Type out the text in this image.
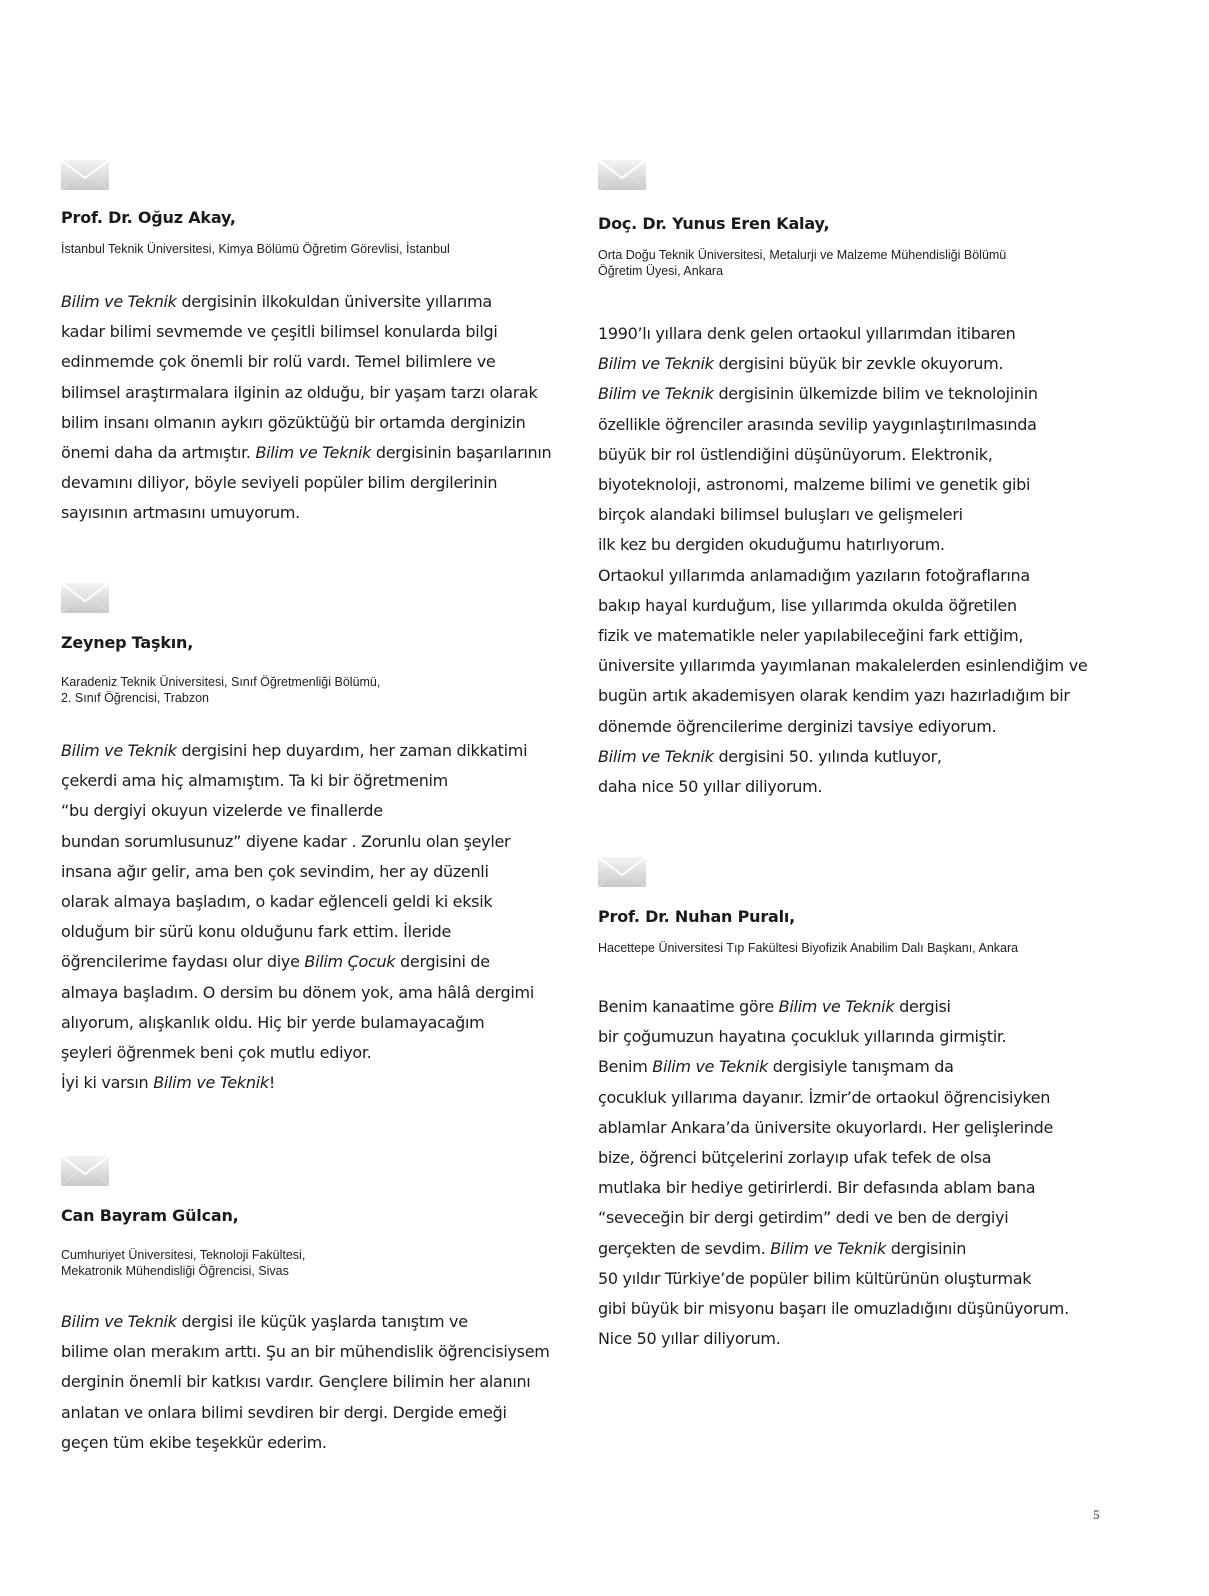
Prof. Dr. Oğuz Akay,

İstanbul Teknik Üniversitesi, Kimya Bölümü Öğretim Görevlisi, İstanbul

Bilim ve Teknik dergisinin ilkokuldan üniversite yıllarıma
kadar bilimi sevmemde ve çeşitli bilimsel konularda bilgi
edinmemde çok önemli bir rolü vardı. Temel bilimlere ve
bilimsel araştırmalara ilginin az olduğu, bir yaşam tarzı olarak
bilim insanı olmanın aykırı gözüktüğü bir ortamda derginizin
önemi daha da artmıştır. Bilim ve Teknik dergisinin başarılarının
devamını diliyor, böyle seviyeli popüler bilim dergilerinin
sayısının artmasını umuyorum.

Zeynep Taşkın,

Karadeniz Teknik Üniversitesi, Sınıf Öğretmenliği Bölümü,
2. Sınıf Öğrencisi, Trabzon

Bilim ve Teknik dergisini hep duyardım, her zaman dikkatimi
çekerdi ama hiç almamıştım. Ta ki bir öğretmenim
“bu dergiyi okuyun vizelerde ve finallerde
bundan sorumlusunuz” diyene kadar . Zorunlu olan şeyler
insana ağır gelir, ama ben çok sevindim, her ay düzenli
olarak almaya başladım, o kadar eğlenceli geldi ki eksik
olduğum bir sürü konu olduğunu fark ettim. İleride
öğrencilerime faydası olur diye Bilim Çocuk dergisini de
almaya başladım. O dersim bu dönem yok, ama hâlâ dergimi
alıyorum, alışkanlık oldu. Hiç bir yerde bulamayacağım
şeyleri öğrenmek beni çok mutlu ediyor.
İyi ki varsın Bilim ve Teknik!

Can Bayram Gülcan,

Cumhuriyet Üniversitesi, Teknoloji Fakültesi,
Mekatronik Mühendisliği Öğrencisi, Sivas

Bilim ve Teknik dergisi ile küçük yaşlarda tanıştım ve
bilime olan merakım arttı. Şu an bir mühendislik öğrencisiysem
derginin önemli bir katkısı vardır. Gençlere bilimin her alanını
anlatan ve onlara bilimi sevdiren bir dergi. Dergide emeği
geçen tüm ekibe teşekkür ederim.

Doç. Dr. Yunus Eren Kalay,

Orta Doğu Teknik Üniversitesi, Metalurji ve Malzeme Mühendisliği Bölümü
Öğretim Üyesi, Ankara

1990’lı yıllara denk gelen ortaokul yıllarımdan itibaren
Bilim ve Teknik dergisini büyük bir zevkle okuyorum.
Bilim ve Teknik dergisinin ülkemizde bilim ve teknolojinin
özellikle öğrenciler arasında sevilip yaygınlaştırılmasında
büyük bir rol üstlendiğini düşünüyorum. Elektronik,
biyoteknoloji, astronomi, malzeme bilimi ve genetik gibi
birçok alandaki bilimsel buluşları ve gelişmeleri
ilk kez bu dergiden okuduğumu hatırlıyorum.
Ortaokul yıllarımda anlamadığım yazıların fotoğraflarına
bakıp hayal kurduğum, lise yıllarımda okulda öğretilen
fizik ve matematikle neler yapılabileceğini fark ettiğim,
üniversite yıllarımda yayımlanan makalelerden esinlendiğim ve
bugün artık akademisyen olarak kendim yazı hazırladığım bir
dönemde öğrencilerime derginizi tavsiye ediyorum.
Bilim ve Teknik dergisini 50. yılında kutluyor,
daha nice 50 yıllar diliyorum.

Prof. Dr. Nuhan Puralı,

Hacettepe Üniversitesi Tıp Fakültesi Biyofizik Anabilim Dalı Başkanı, Ankara

Benim kanaatime göre Bilim ve Teknik dergisi
bir çoğumuzun hayatına çocukluk yıllarında girmiştir.
Benim Bilim ve Teknik dergisiyle tanışmam da
çocukluk yıllarıma dayanır. İzmir’de ortaokul öğrencisiyken
ablamlar Ankara’da üniversite okuyorlardı. Her gelişlerinde
bize, öğrenci bütçelerini zorlayıp ufak tefek de olsa
mutlaka bir hediye getirirlerdi. Bir defasında ablam bana
“seveceğin bir dergi getirdim” dedi ve ben de dergiyi
gerçekten de sevdim. Bilim ve Teknik dergisinin
50 yıldır Türkiye’de popüler bilim kültürünün oluşturmak
gibi büyük bir misyonu başarı ile omuzladığını düşünüyorum.
Nice 50 yıllar diliyorum.
5
